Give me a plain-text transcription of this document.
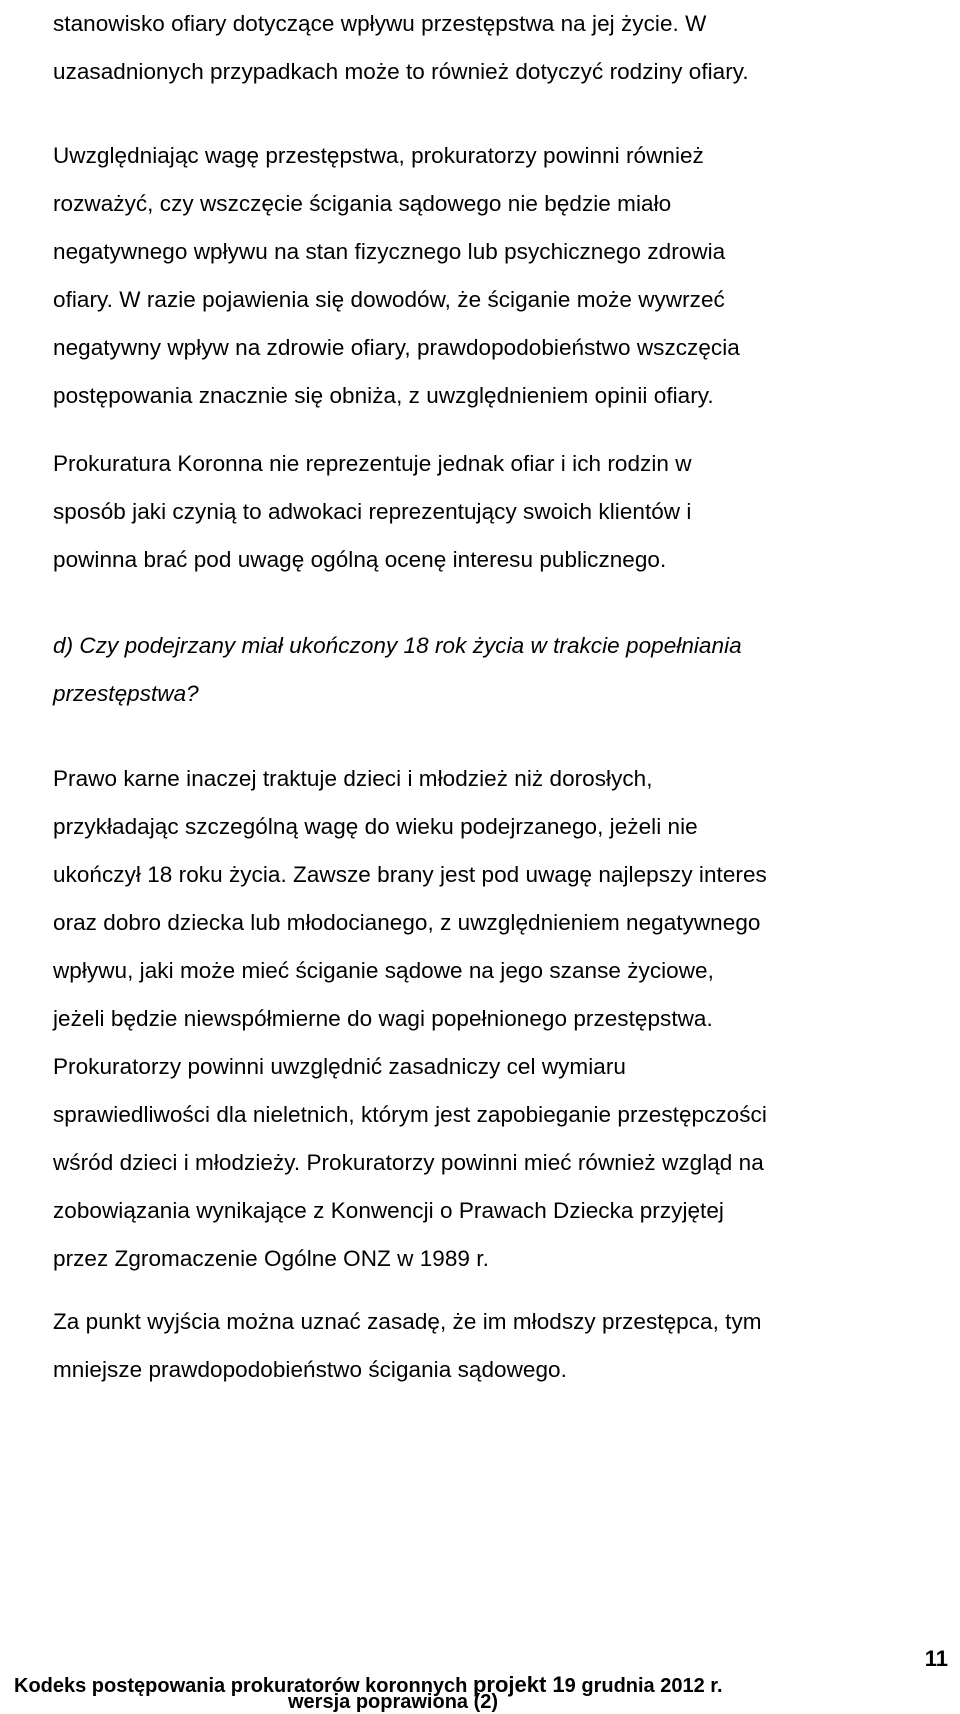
stanowisko ofiary dotyczące wpływu przestępstwa na jej życie. W
uzasadnionych przypadkach może to również dotyczyć rodziny ofiary.
Uwzględniając wagę przestępstwa, prokuratorzy powinni również
rozważyć, czy wszczęcie ścigania sądowego nie będzie miało
negatywnego wpływu na stan fizycznego lub psychicznego zdrowia
ofiary. W razie pojawienia się dowodów, że ściganie może wywrzeć
negatywny wpływ na zdrowie ofiary, prawdopodobieństwo wszczęcia
postępowania znacznie się obniża, z uwzględnieniem opinii ofiary.
Prokuratura Koronna nie reprezentuje jednak ofiar i ich rodzin w
sposób jaki czynią to adwokaci reprezentujący swoich klientów i
powinna brać pod uwagę ogólną ocenę interesu publicznego.
d) Czy podejrzany miał ukończony 18 rok życia w trakcie popełniania
przestępstwa?
Prawo karne inaczej traktuje dzieci i młodzież niż dorosłych,
przykładając szczególną wagę do wieku podejrzanego, jeżeli nie
ukończył 18 roku życia. Zawsze brany jest pod uwagę najlepszy interes
oraz dobro dziecka lub młodocianego, z uwzględnieniem negatywnego
wpływu, jaki może mieć ściganie sądowe na jego szanse życiowe,
jeżeli będzie niewspółmierne do wagi popełnionego przestępstwa.
Prokuratorzy powinni uwzględnić zasadniczy cel wymiaru
sprawiedliwości dla nieletnich, którym jest zapobieganie przestępczości
wśród dzieci i młodzieży. Prokuratorzy powinni mieć również wzgląd na
zobowiązania wynikające z Konwencji o Prawach Dziecka przyjętej
przez Zgromaczenie Ogólne ONZ w 1989 r.
Za punkt wyjścia można uznać zasadę, że im młodszy przestępca, tym
mniejsze prawdopodobieństwo ścigania sądowego.
11
Kodeks postępowania prokuratorów koronnych projekt 19 grudnia 2012 r.
wersja poprawiona (2)
